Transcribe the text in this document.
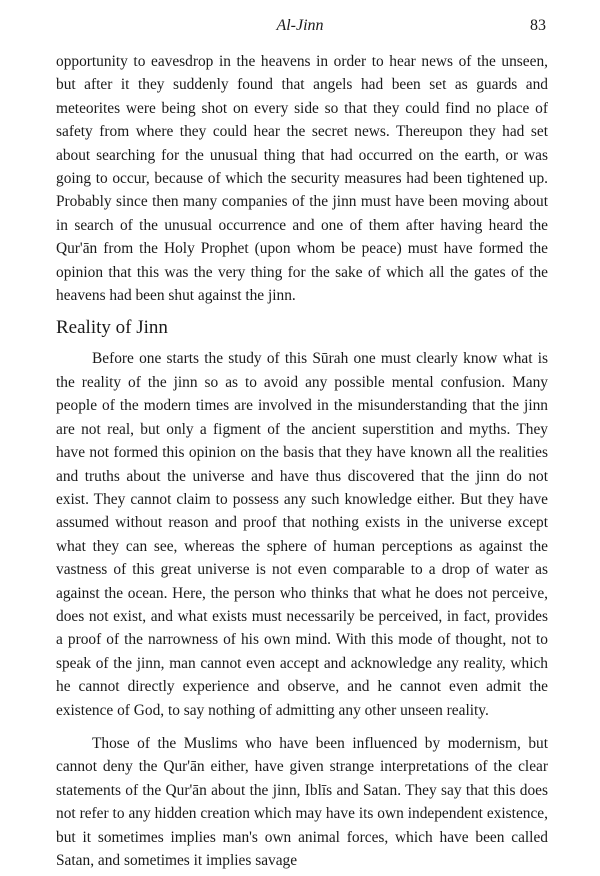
Al-Jinn	83

opportunity to eavesdrop in the heavens in order to hear news of the unseen, but after it they suddenly found that angels had been set as guards and meteorites were being shot on every side so that they could find no place of safety from where they could hear the secret news. Thereupon they had set about searching for the unusual thing that had occurred on the earth, or was going to occur, because of which the security measures had been tightened up. Probably since then many companies of the jinn must have been moving about in search of the unusual occurrence and one of them after having heard the Qur'ān from the Holy Prophet (upon whom be peace) must have formed the opinion that this was the very thing for the sake of which all the gates of the heavens had been shut against the jinn.

Reality of Jinn

Before one starts the study of this Sūrah one must clearly know what is the reality of the jinn so as to avoid any possible mental confusion. Many people of the modern times are involved in the misunderstanding that the jinn are not real, but only a figment of the ancient superstition and myths. They have not formed this opinion on the basis that they have known all the realities and truths about the universe and have thus discovered that the jinn do not exist. They cannot claim to possess any such knowledge either. But they have assumed without reason and proof that nothing exists in the universe except what they can see, whereas the sphere of human perceptions as against the vastness of this great universe is not even comparable to a drop of water as against the ocean. Here, the person who thinks that what he does not perceive, does not exist, and what exists must necessarily be perceived, in fact, provides a proof of the narrowness of his own mind. With this mode of thought, not to speak of the jinn, man cannot even accept and acknowledge any reality, which he cannot directly experience and observe, and he cannot even admit the existence of God, to say nothing of admitting any other unseen reality.

Those of the Muslims who have been influenced by modernism, but cannot deny the Qur'ān either, have given strange interpretations of the clear statements of the Qur'ān about the jinn, Iblīs and Satan. They say that this does not refer to any hidden creation which may have its own independent existence, but it sometimes implies man's own animal forces, which have been called Satan, and sometimes it implies savage
